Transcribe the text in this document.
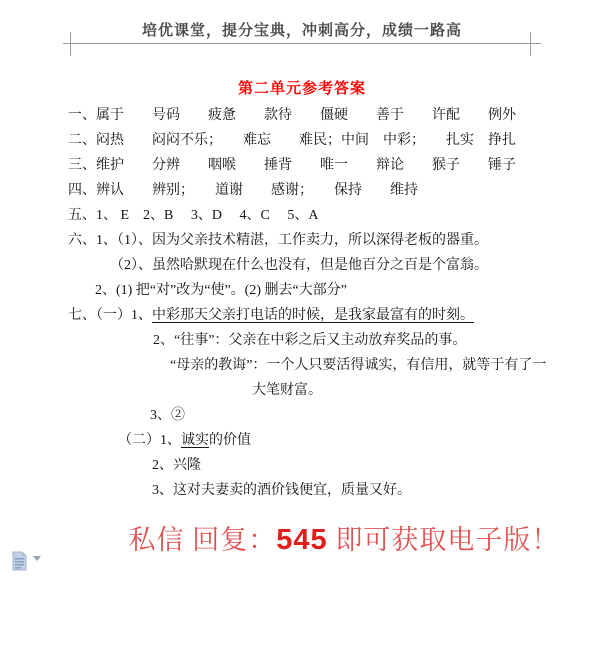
培优课堂，提分宝典，冲刺高分，成绩一路高
第二单元参考答案
一、属于　　号码　　疲惫　　款待　　僵硬　　善于　　许配　　例外
二、闷热　　闷闷不乐；　　难忘　　难民；中间　中彩；　　扎实　挣扎
三、维护　　分辨　　咽喉　　捶背　　唯一　　辩论　　猴子　　锤子
四、辨认　　辨别；　　道谢　　感谢；　　保持　　维持
五、1、 E　2、B　 3、D 　4、C　 5、A
六、1、（1）、因为父亲技术精湛，工作卖力，所以深得老板的器重。
（2）、虽然哈默现在什么也没有，但是他百分之百是个富翁。
2、(1) 把“对”改为“使”。(2) 删去“大部分”
七、（一）1、中彩那天父亲打电话的时候，是我家最富有的时刻。
2、“往事”：父亲在中彩之后又主动放弃奖品的事。
“母亲的教诲”：一个人只要活得诚实，有信用，就等于有了一
大笔财富。
3、②
（二）1、诚实的价值
2、兴隆
3、这对夫妻卖的酒价钱便宜，质量又好。
私信 回复：545 即可获取电子版！
